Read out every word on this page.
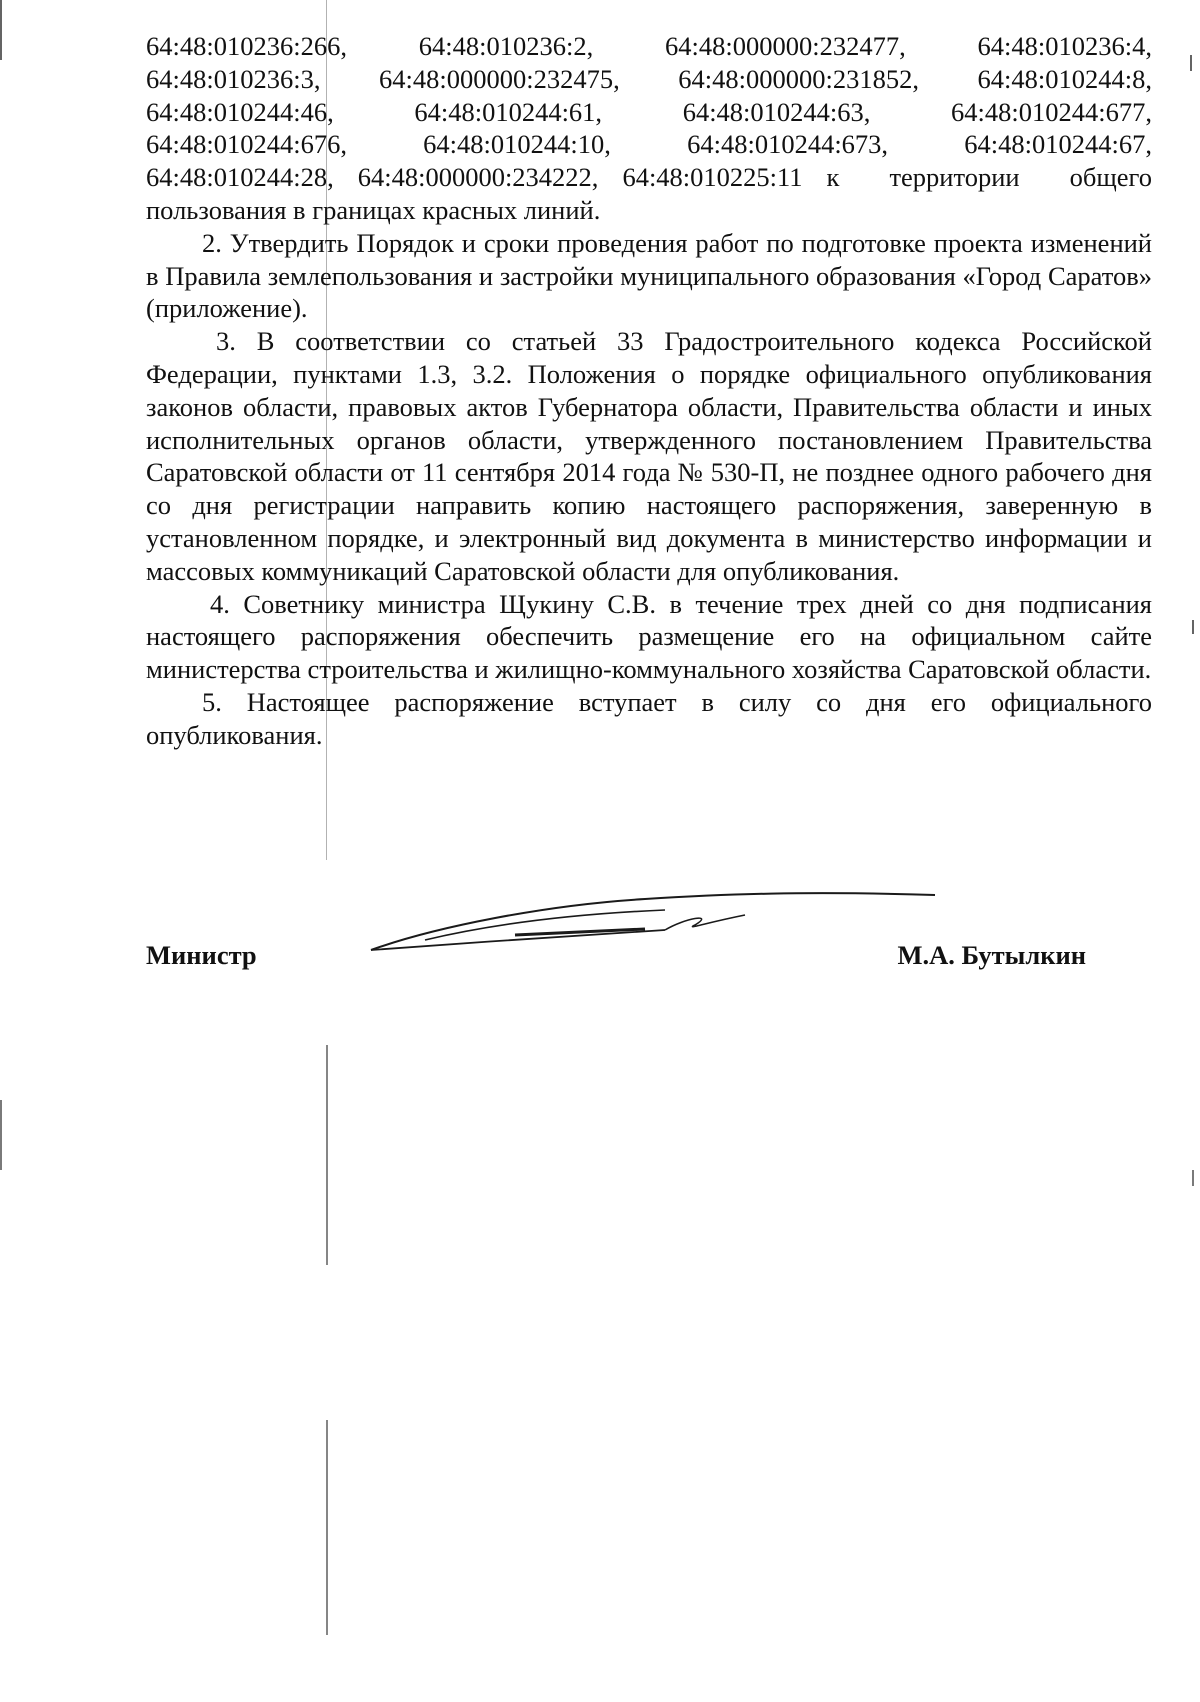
64:48:010236:266,	64:48:010236:2,	64:48:000000:232477,	64:48:010236:4,
64:48:010236:3, 64:48:000000:232475, 64:48:000000:231852, 64:48:010244:8,
64:48:010244:46,	64:48:010244:61,	64:48:010244:63,	64:48:010244:677,
64:48:010244:676,	64:48:010244:10,	64:48:010244:673,	64:48:010244:67,
64:48:010244:28, 64:48:000000:234222, 64:48:010225:11 к территории общего

пользования в границах красных линий.

2. Утвердить Порядок и сроки проведения работ по подготовке проекта изменений в Правила землепользования и застройки муниципального образования «Город Саратов» (приложение).

3. В соответствии со статьей 33 Градостроительного кодекса Российской Федерации, пунктами 1.3, 3.2. Положения о порядке официального опубликования законов области, правовых актов Губернатора области, Правительства области и иных исполнительных органов области, утвержденного постановлением Правительства Саратовской области от 11 сентября 2014 года № 530-П, не позднее одного рабочего дня со дня регистрации направить копию настоящего распоряжения, заверенную в установленном порядке, и электронный вид документа в министерство информации и массовых коммуникаций Саратовской области для опубликования.

4. Советнику министра Щукину С.В. в течение трех дней со дня подписания настоящего распоряжения обеспечить размещение его на официальном сайте министерства строительства и жилищно-коммунального хозяйства Саратовской области.

5. Настоящее распоряжение вступает в силу со дня его официального опубликования.

Министр	М.А. Бутылкин
